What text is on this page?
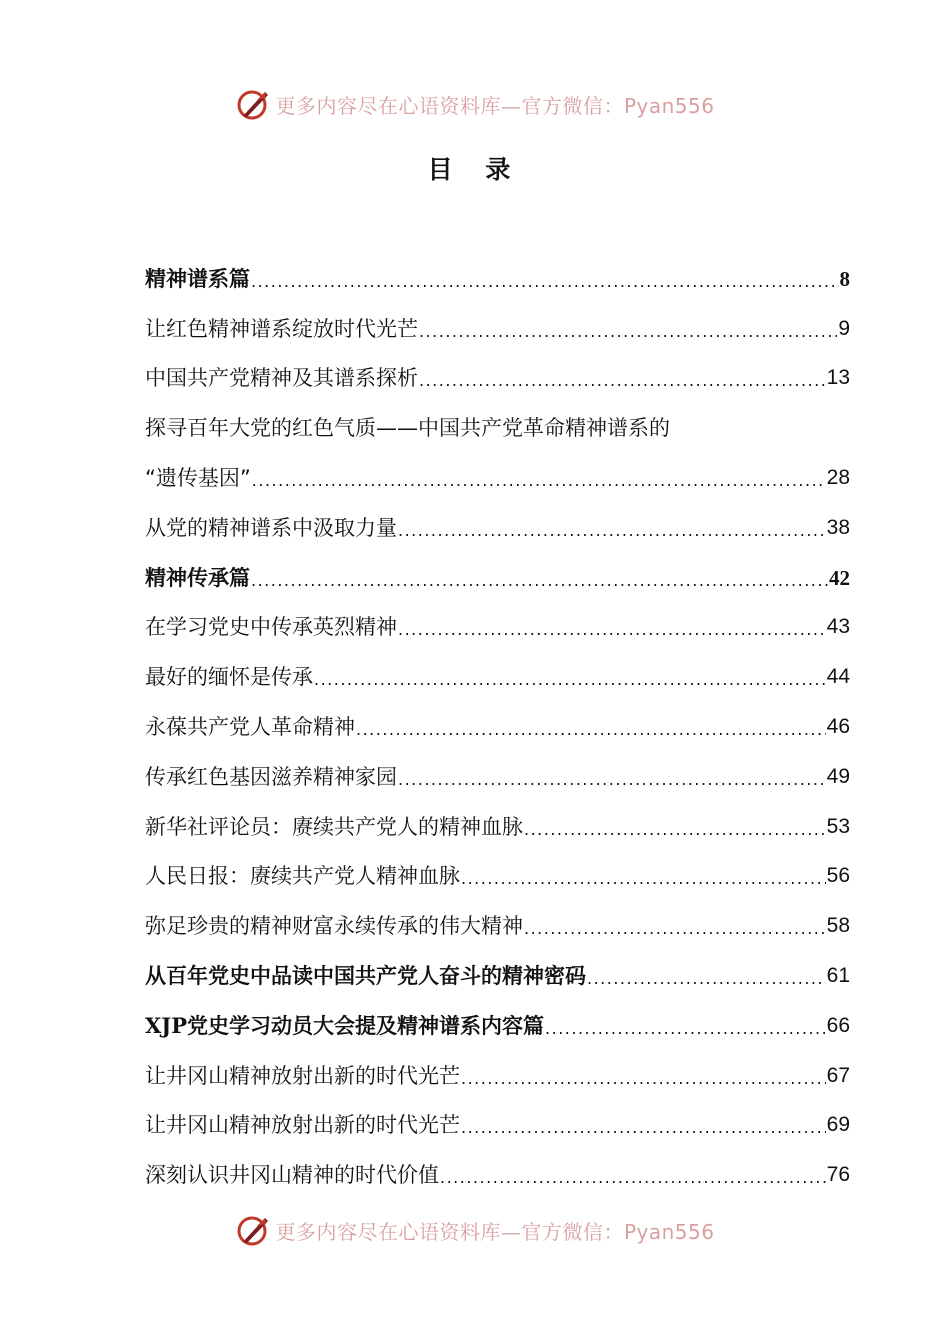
更多内容尽在心语资料库—官方微信：Pyan556
目 录
精神谱系篇 .....	8
让红色精神谱系绽放时代光芒 .....	9
中国共产党精神及其谱系探析 .....	13
探寻百年大党的红色气质——中国共产党革命精神谱系的
“遗传基因” .....	28
从党的精神谱系中汲取力量 .....	38
精神传承篇 .....	42
在学习党史中传承英烈精神 .....	43
最好的缅怀是传承 .....	44
永葆共产党人革命精神 .....	46
传承红色基因滋养精神家园 .....	49
新华社评论员：赓续共产党人的精神血脉 .....	53
人民日报：赓续共产党人精神血脉 .....	56
弥足珍贵的精神财富永续传承的伟大精神 .....	58
从百年党史中品读中国共产党人奋斗的精神密码 .....	61
XJP党史学习动员大会提及精神谱系内容篇 .....	66
让井冈山精神放射出新的时代光芒 .....	67
让井冈山精神放射出新的时代光芒 .....	69
深刻认识井冈山精神的时代价值 .....	76
更多内容尽在心语资料库—官方微信：Pyan556
